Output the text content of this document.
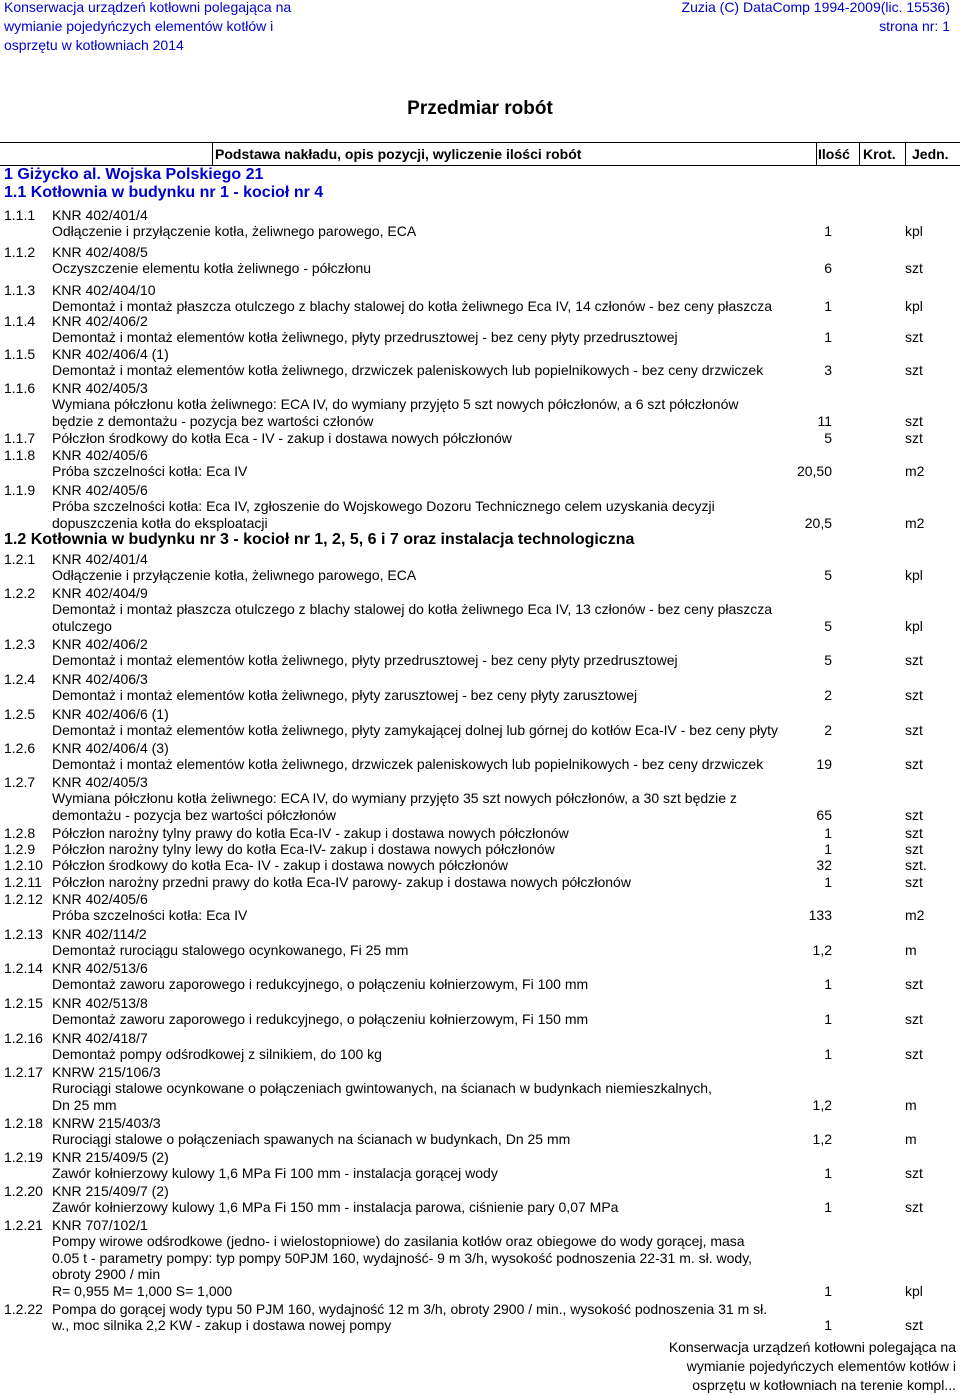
Konserwacja urządzeń kotłowni polegająca na
wymianie pojedyńczych elementów kotłów i
osprzętu w kotłowniach 2014
Zuzia (C) DataComp 1994-2009(lic. 15536)
strona nr: 1
Przedmiar robót
Podstawa nakładu, opis pozycji, wyliczenie ilości robót	Ilość Krot. Jedn.
1 Giżycko al. Wojska Polskiego 21
1.1 Kotłownia w budynku nr 1 - kocioł nr 4
1.2 Kotłownia w budynku nr 3 - kocioł nr 1, 2, 5, 6 i 7 oraz instalacja technologiczna
1.1.1 KNR 402/401/4
Odłączenie i przyłączenie kotła, żeliwnego parowego, ECA	1	kpl
1.1.2 KNR 402/408/5
Oczyszczenie elementu kotła żeliwnego - półczłonu	6	szt
1.1.3 KNR 402/404/10
Demontaż i montaż płaszcza otulczego z blachy stalowej do kotła żeliwnego Eca IV, 14 członów - bez ceny płaszcza	1	kpl
1.1.4 KNR 402/406/2
Demontaż i montaż elementów kotła żeliwnego, płyty przedrusztowej - bez ceny płyty przedrusztowej	1	szt
1.1.5 KNR 402/406/4 (1)
Demontaż i montaż elementów kotła żeliwnego, drzwiczek paleniskowych lub popielnikowych - bez ceny drzwiczek	3	szt
1.1.6 KNR 402/405/3
Wymiana półczłonu kotła żeliwnego: ECA IV, do wymiany przyjęto 5 szt nowych półczłonów, a 6 szt półczłonów
będzie z demontażu - pozycja bez wartości członów	11	szt
1.1.7 Półczłon środkowy do kotła Eca - IV - zakup i dostawa nowych półczłonów	5	szt
1.1.8 KNR 402/405/6
Próba szczelności kotła: Eca IV	20,50	m2
1.1.9 KNR 402/405/6
Próba szczelności kotła: Eca IV, zgłoszenie do Wojskowego Dozoru Technicznego celem uzyskania decyzji
dopuszczenia kotła do eksploatacji	20,5	m2
1.2.1 KNR 402/401/4
Odłączenie i przyłączenie kotła, żeliwnego parowego, ECA	5	kpl
1.2.2 KNR 402/404/9
Demontaż i montaż płaszcza otulczego z blachy stalowej do kotła żeliwnego Eca IV, 13 członów - bez ceny płaszcza
otulczego	5	kpl
1.2.3 KNR 402/406/2
Demontaż i montaż elementów kotła żeliwnego, płyty przedrusztowej - bez ceny płyty przedrusztowej	5	szt
1.2.4 KNR 402/406/3
Demontaż i montaż elementów kotła żeliwnego, płyty zarusztowej - bez ceny płyty zarusztowej	2	szt
1.2.5 KNR 402/406/6 (1)
Demontaż i montaż elementów kotła żeliwnego, płyty zamykającej dolnej lub górnej do kotłów Eca-IV - bez ceny płyty	2	szt
1.2.6 KNR 402/406/4 (3)
Demontaż i montaż elementów kotła żeliwnego, drzwiczek paleniskowych lub popielnikowych - bez ceny drzwiczek	19	szt
1.2.7 KNR 402/405/3
Wymiana półczłonu kotła żeliwnego: ECA IV, do wymiany przyjęto 35 szt nowych półczłonów, a 30 szt będzie z
demontażu - pozycja bez wartości półczłonów	65	szt
1.2.8 Półczłon narożny tylny prawy do kotła Eca-IV - zakup i dostawa nowych półczłonów	1	szt
1.2.9 Półczłon narożny tylny lewy do kotła Eca-IV- zakup i dostawa nowych półczłonów	1	szt
1.2.10 Półczłon środkowy do kotła Eca- IV - zakup i dostawa nowych półczłonów	32	szt.
1.2.11 Półczłon narożny przedni prawy do kotła Eca-IV parowy- zakup i dostawa nowych półczłonów	1	szt
1.2.12 KNR 402/405/6
Próba szczelności kotła: Eca IV	133	m2
1.2.13 KNR 402/114/2
Demontaż rurociągu stalowego ocynkowanego, Fi 25 mm	1,2	m
1.2.14 KNR 402/513/6
Demontaż zaworu zaporowego i redukcyjnego, o połączeniu kołnierzowym, Fi 100 mm	1	szt
1.2.15 KNR 402/513/8
Demontaż zaworu zaporowego i redukcyjnego, o połączeniu kołnierzowym, Fi 150 mm	1	szt
1.2.16 KNR 402/418/7
Demontaż pompy odśrodkowej z silnikiem, do 100 kg	1	szt
1.2.17 KNRW 215/106/3
Rurociągi stalowe ocynkowane o połączeniach gwintowanych, na ścianach w budynkach niemieszkalnych,
Dn 25 mm	1,2	m
1.2.18 KNRW 215/403/3
Rurociągi stalowe o połączeniach spawanych na ścianach w budynkach, Dn 25 mm	1,2	m
1.2.19 KNR 215/409/5 (2)
Zawór kołnierzowy kulowy 1,6 MPa Fi 100 mm - instalacja gorącej wody	1	szt
1.2.20 KNR 215/409/7 (2)
Zawór kołnierzowy kulowy 1,6 MPa Fi 150 mm - instalacja parowa, ciśnienie pary 0,07 MPa	1	szt
1.2.21 KNR 707/102/1
Pompy wirowe odśrodkowe (jedno- i wielostopniowe) do zasilania kotłów oraz obiegowe do wody gorącej, masa
0.05 t - parametry pompy: typ pompy 50PJM 160, wydajność- 9 m 3/h, wysokość podnoszenia 22-31 m. sł. wody,
obroty 2900 / min
R= 0,955 M= 1,000 S= 1,000	1	kpl
1.2.22 Pompa do gorącej wody typu 50 PJM 160, wydajność 12 m 3/h, obroty 2900 / min., wysokość podnoszenia 31 m sł.
w., moc silnika 2,2 KW - zakup i dostawa nowej pompy	1	szt
Konserwacja urządzeń kotłowni polegająca na
wymianie pojedyńczych elementów kotłów i
osprzętu w kotłowniach na terenie kompl...
